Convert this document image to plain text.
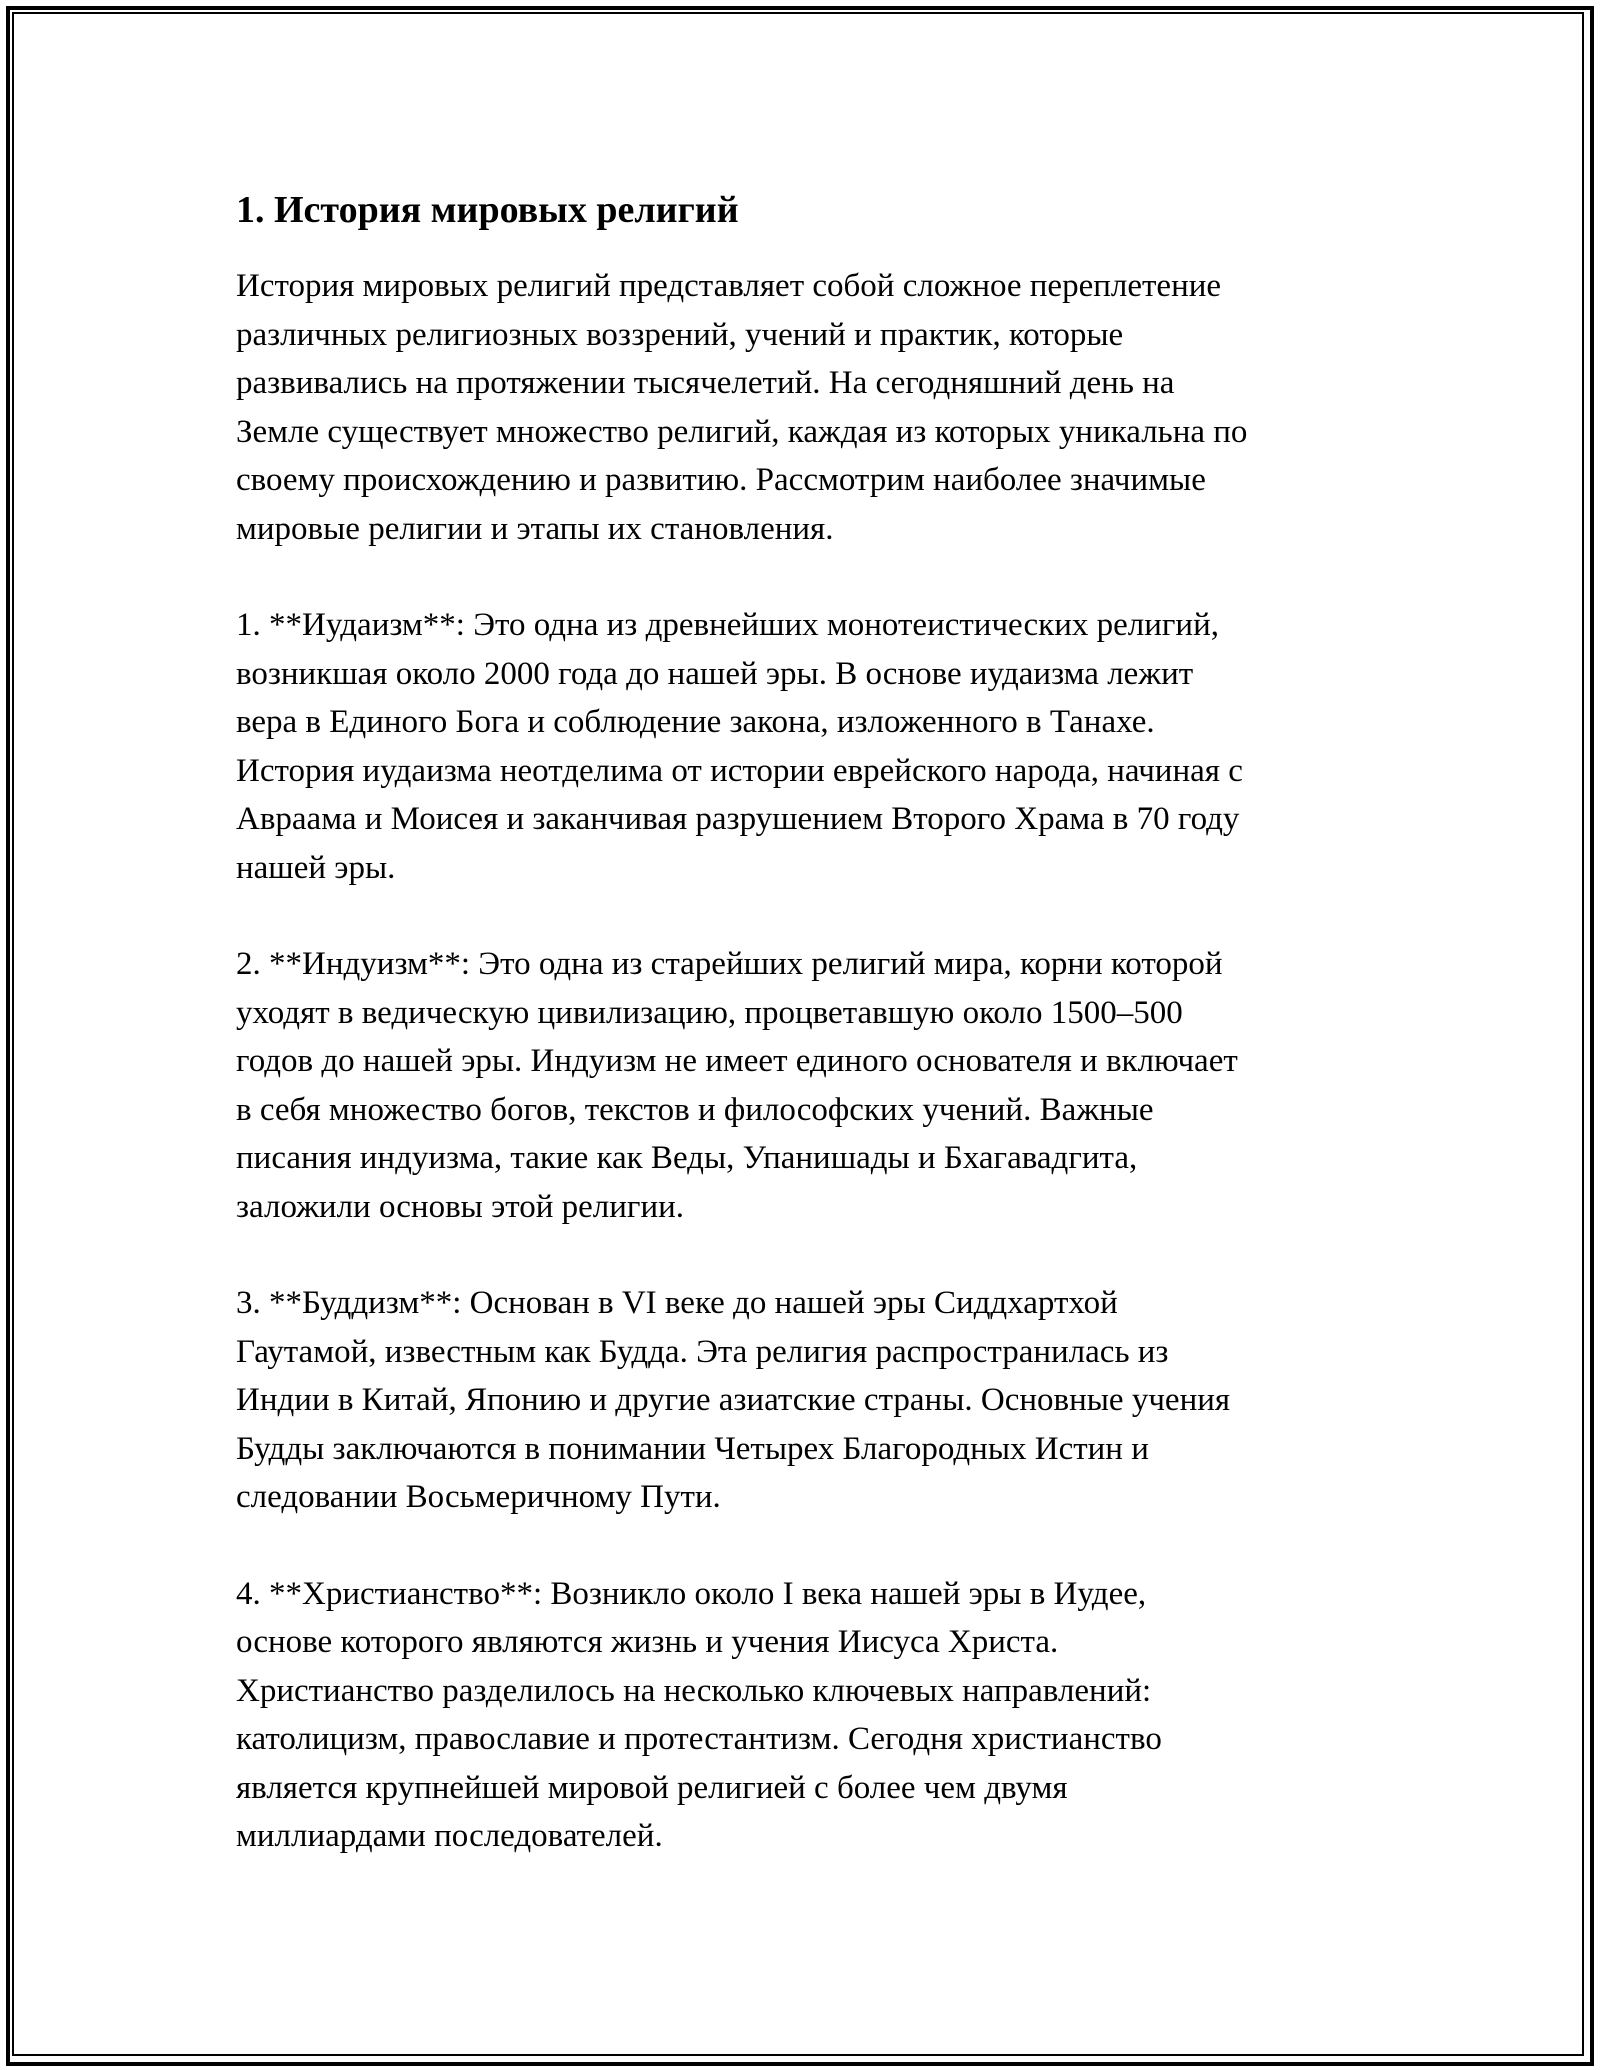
1. История мировых религий

История мировых религий представляет собой сложное переплетение
различных религиозных воззрений, учений и практик, которые
развивались на протяжении тысячелетий. На сегодняшний день на
Земле существует множество религий, каждая из которых уникальна по
своему происхождению и развитию. Рассмотрим наиболее значимые
мировые религии и этапы их становления.

1. **Иудаизм**: Это одна из древнейших монотеистических религий,
возникшая около 2000 года до нашей эры. В основе иудаизма лежит
вера в Единого Бога и соблюдение закона, изложенного в Танахе.
История иудаизма неотделима от истории еврейского народа, начиная с
Авраама и Моисея и заканчивая разрушением Второго Храма в 70 году
нашей эры.

2. **Индуизм**: Это одна из старейших религий мира, корни которой
уходят в ведическую цивилизацию, процветавшую около 1500–500
годов до нашей эры. Индуизм не имеет единого основателя и включает
в себя множество богов, текстов и философских учений. Важные
писания индуизма, такие как Веды, Упанишады и Бхагавадгита,
заложили основы этой религии.

3. **Буддизм**: Основан в VI веке до нашей эры Сиддхартхой
Гаутамой, известным как Будда. Эта религия распространилась из
Индии в Китай, Японию и другие азиатские страны. Основные учения
Будды заключаются в понимании Четырех Благородных Истин и
следовании Восьмеричному Пути.

4. **Христианство**: Возникло около I века нашей эры в Иудее,
основе которого являются жизнь и учения Иисуса Христа.
Христианство разделилось на несколько ключевых направлений:
католицизм, православие и протестантизм. Сегодня христианство
является крупнейшей мировой религией с более чем двумя
миллиардами последователей.
